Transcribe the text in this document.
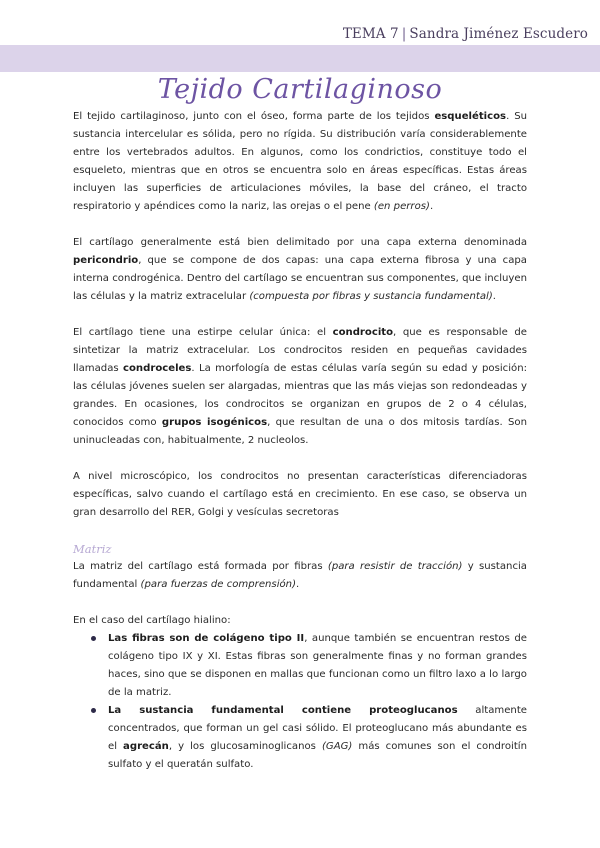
TEMA 7 | Sandra Jiménez Escudero
Tejido Cartilaginoso

El tejido cartilaginoso, junto con el óseo, forma parte de los tejidos esqueléticos. Su sustancia intercelular es sólida, pero no rígida. Su distribución varía considerablemente entre los vertebrados adultos. En algunos, como los condrictios, constituye todo el esqueleto, mientras que en otros se encuentra solo en áreas específicas. Estas áreas incluyen las superficies de articulaciones móviles, la base del cráneo, el tracto respiratorio y apéndices como la nariz, las orejas o el pene (en perros).

El cartílago generalmente está bien delimitado por una capa externa denominada pericondrio, que se compone de dos capas: una capa externa fibrosa y una capa interna condrogénica. Dentro del cartílago se encuentran sus componentes, que incluyen las células y la matriz extracelular (compuesta por fibras y sustancia fundamental).

El cartílago tiene una estirpe celular única: el condrocito, que es responsable de sintetizar la matriz extracelular. Los condrocitos residen en pequeñas cavidades llamadas condroceles. La morfología de estas células varía según su edad y posición: las células jóvenes suelen ser alargadas, mientras que las más viejas son redondeadas y grandes. En ocasiones, los condrocitos se organizan en grupos de 2 o 4 células, conocidos como grupos isogénicos, que resultan de una o dos mitosis tardías. Son uninucleadas con, habitualmente, 2 nucleolos.

A nivel microscópico, los condrocitos no presentan características diferenciadoras específicas, salvo cuando el cartílago está en crecimiento. En ese caso, se observa un gran desarrollo del RER, Golgi y vesículas secretoras

Matriz

La matriz del cartílago está formada por fibras (para resistir de tracción) y sustancia fundamental (para fuerzas de comprensión).

En el caso del cartílago hialino:

Las fibras son de colágeno tipo II, aunque también se encuentran restos de colágeno tipo IX y XI. Estas fibras son generalmente finas y no forman grandes haces, sino que se disponen en mallas que funcionan como un filtro laxo a lo largo de la matriz.
La sustancia fundamental contiene proteoglucanos altamente concentrados, que forman un gel casi sólido. El proteoglucano más abundante es el agrecán, y los glucosaminoglicanos (GAG) más comunes son el condroitín sulfato y el queratán sulfato.
